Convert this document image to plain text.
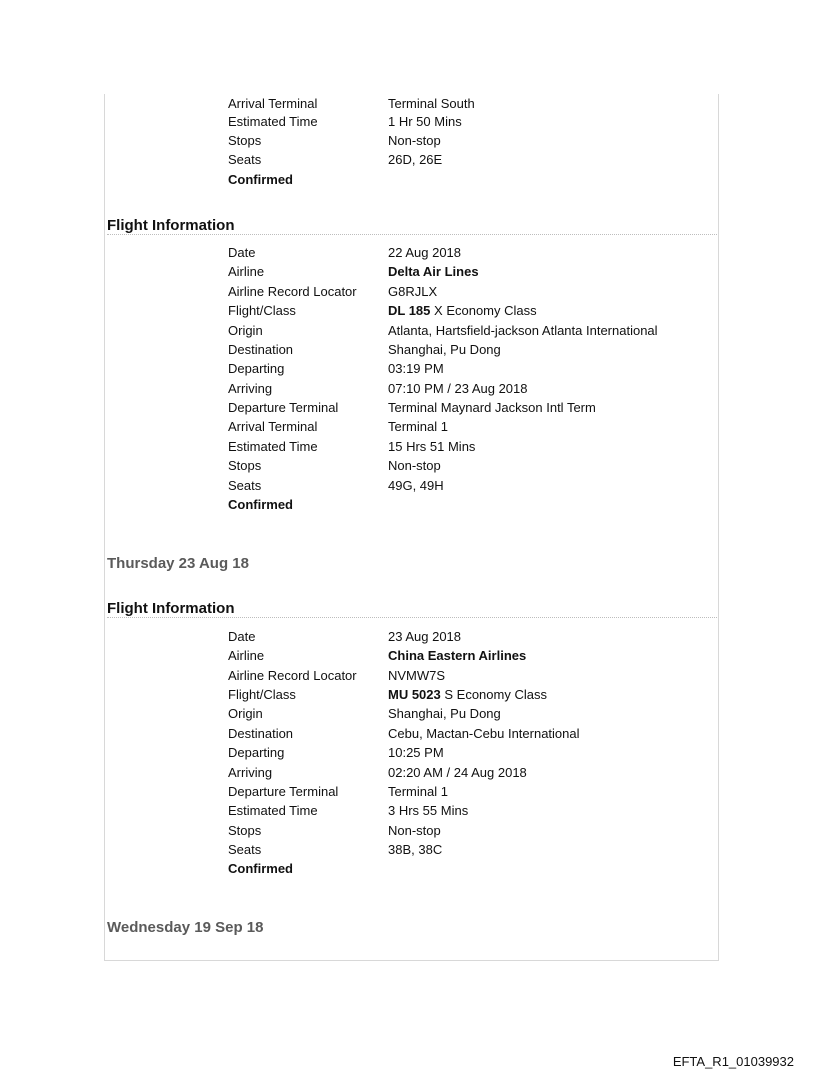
Arrival Terminal	Terminal South
Estimated Time	1 Hr 50 Mins
Stops	Non-stop
Seats	26D, 26E
Confirmed
Flight Information
Date	22 Aug 2018
Airline	Delta Air Lines
Airline Record Locator	G8RJLX
Flight/Class	DL 185 X Economy Class
Origin	Atlanta, Hartsfield-jackson Atlanta International
Destination	Shanghai, Pu Dong
Departing	03:19 PM
Arriving	07:10 PM / 23 Aug 2018
Departure Terminal	Terminal Maynard Jackson Intl Term
Arrival Terminal	Terminal 1
Estimated Time	15 Hrs 51 Mins
Stops	Non-stop
Seats	49G, 49H
Confirmed
Thursday 23 Aug 18
Flight Information
Date	23 Aug 2018
Airline	China Eastern Airlines
Airline Record Locator	NVMW7S
Flight/Class	MU 5023 S Economy Class
Origin	Shanghai, Pu Dong
Destination	Cebu, Mactan-Cebu International
Departing	10:25 PM
Arriving	02:20 AM / 24 Aug 2018
Departure Terminal	Terminal 1
Estimated Time	3 Hrs 55 Mins
Stops	Non-stop
Seats	38B, 38C
Confirmed
Wednesday 19 Sep 18
EFTA_R1_01039932
